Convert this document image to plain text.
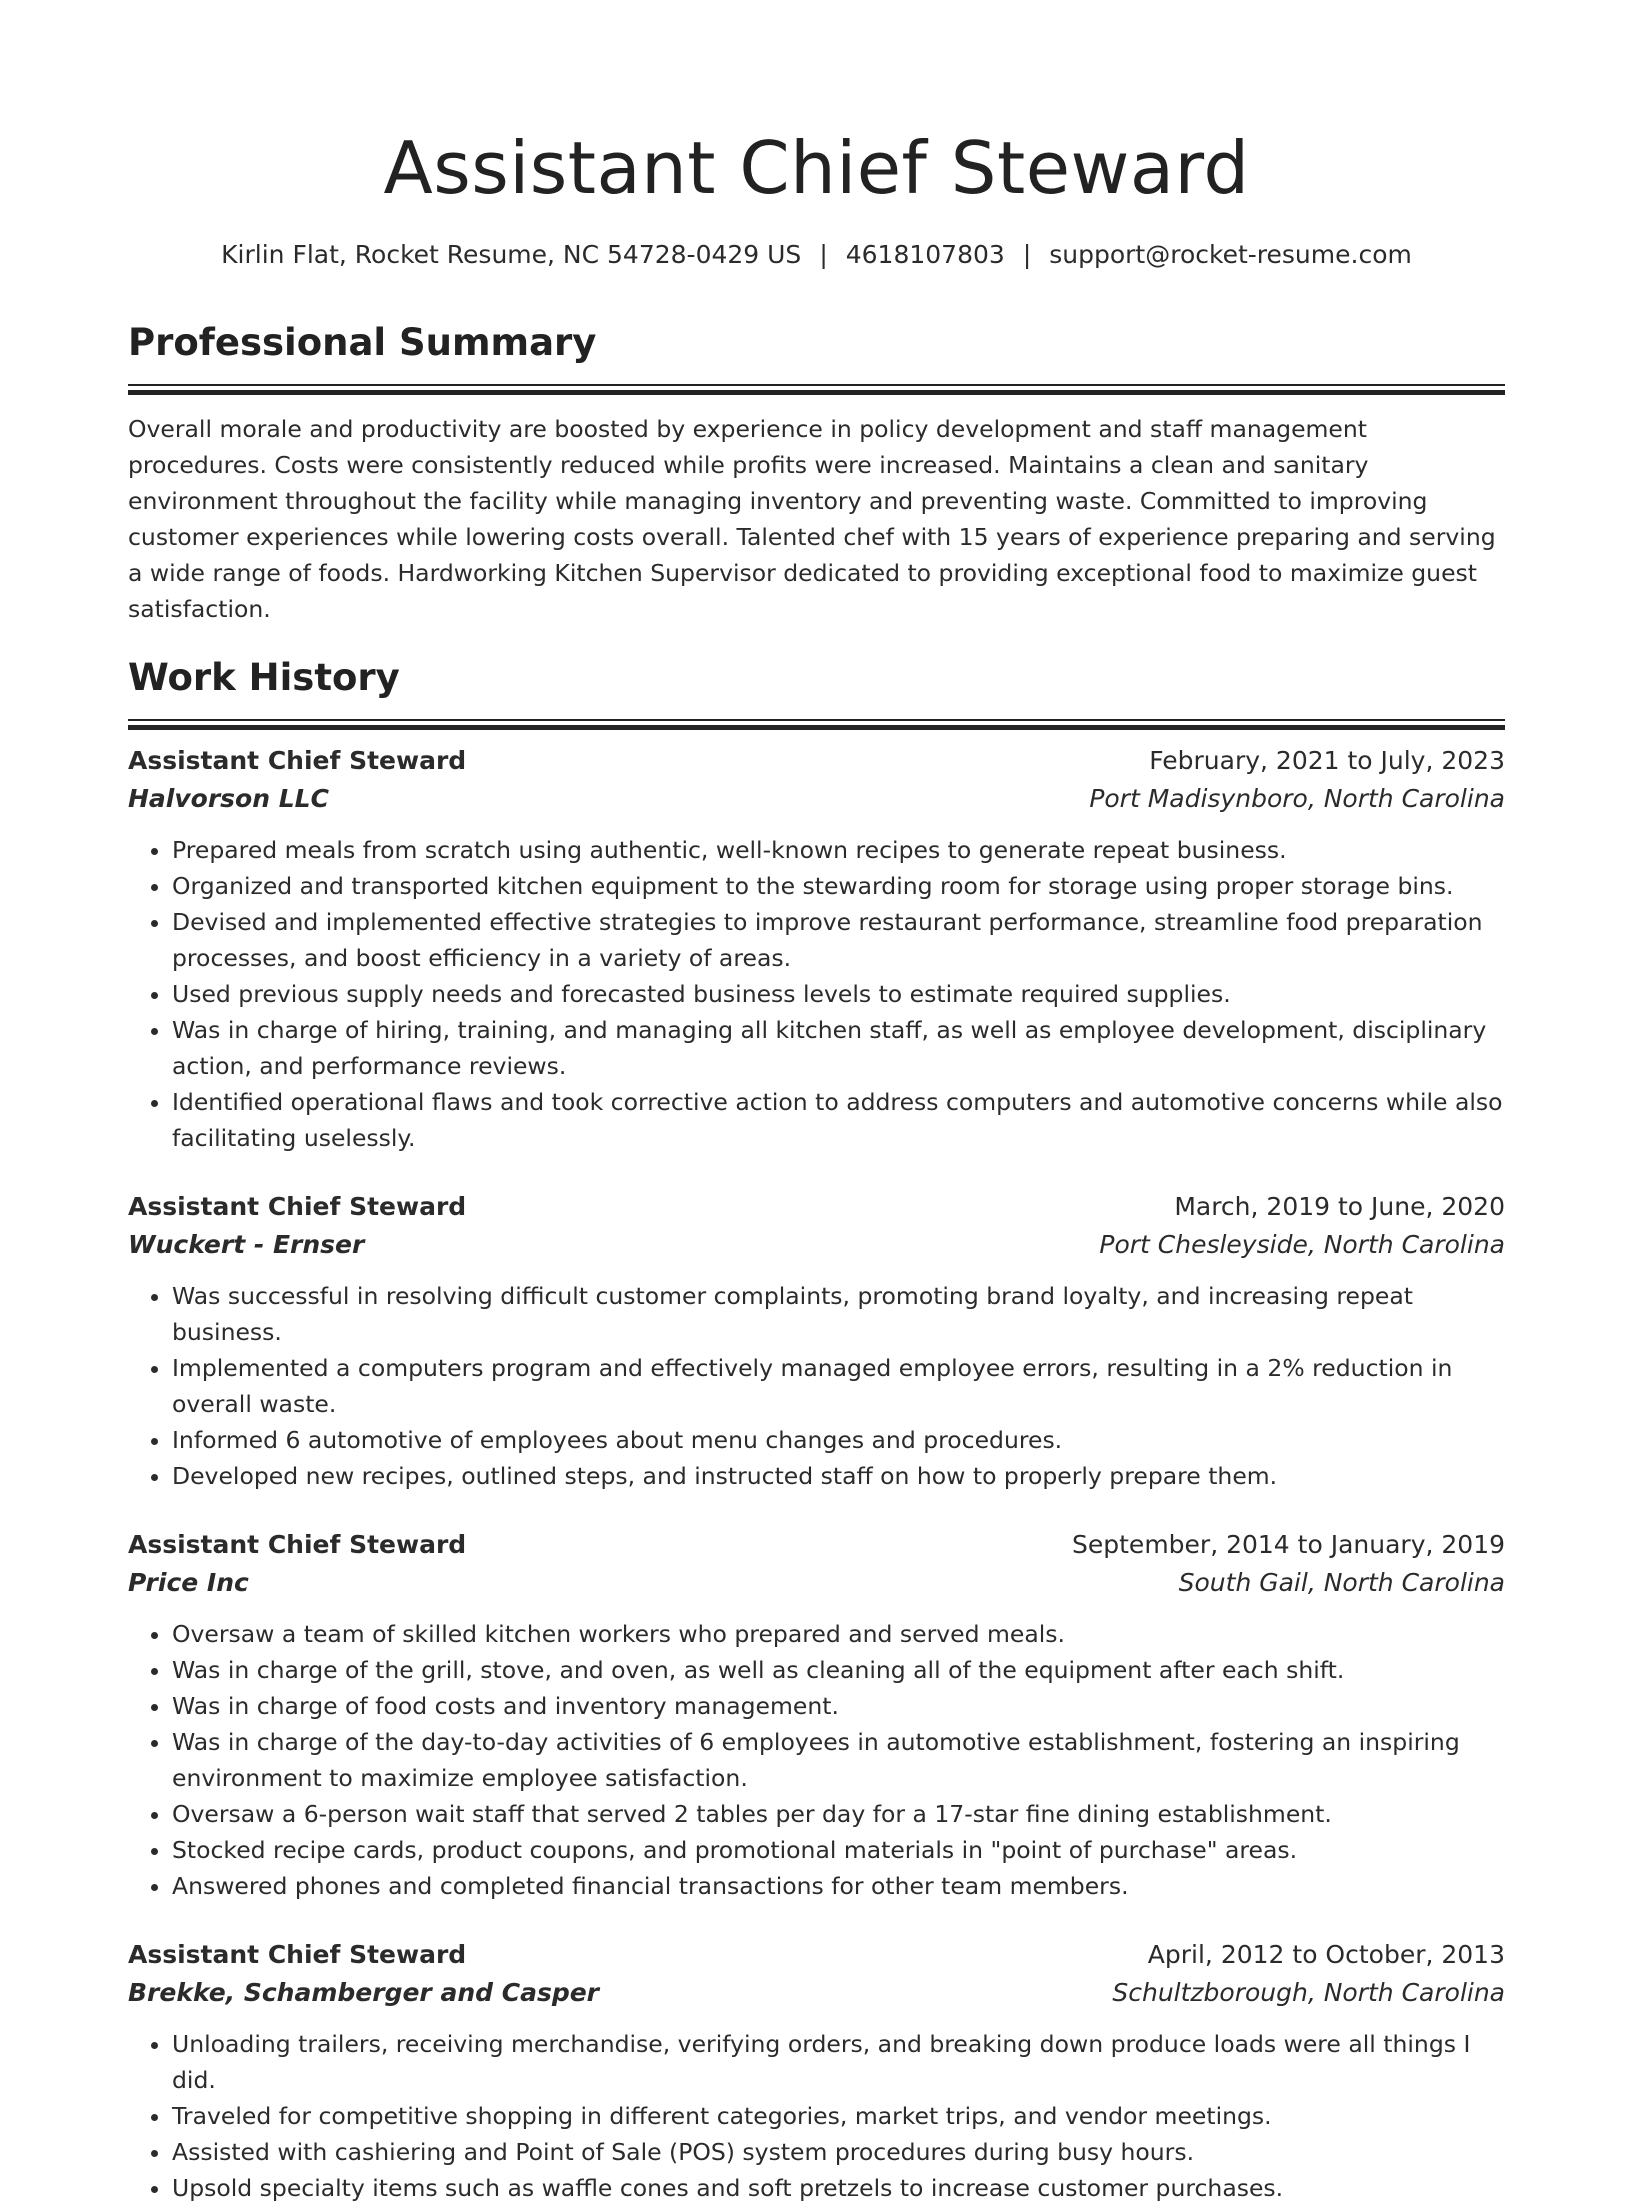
Assistant Chief Steward
Kirlin Flat, Rocket Resume, NC 54728-0429 US | 4618107803 | support@rocket-resume.com
Professional Summary
Overall morale and productivity are boosted by experience in policy development and staff management procedures. Costs were consistently reduced while profits were increased. Maintains a clean and sanitary environment throughout the facility while managing inventory and preventing waste. Committed to improving customer experiences while lowering costs overall. Talented chef with 15 years of experience preparing and serving a wide range of foods. Hardworking Kitchen Supervisor dedicated to providing exceptional food to maximize guest satisfaction.
Work History
Assistant Chief Steward	February, 2021 to July, 2023
Halvorson LLC	Port Madisynboro, North Carolina
• Prepared meals from scratch using authentic, well-known recipes to generate repeat business.
• Organized and transported kitchen equipment to the stewarding room for storage using proper storage bins.
• Devised and implemented effective strategies to improve restaurant performance, streamline food preparation processes, and boost efficiency in a variety of areas.
• Used previous supply needs and forecasted business levels to estimate required supplies.
• Was in charge of hiring, training, and managing all kitchen staff, as well as employee development, disciplinary action, and performance reviews.
• Identified operational flaws and took corrective action to address computers and automotive concerns while also facilitating uselessly.
Assistant Chief Steward	March, 2019 to June, 2020
Wuckert - Ernser	Port Chesleyside, North Carolina
• Was successful in resolving difficult customer complaints, promoting brand loyalty, and increasing repeat business.
• Implemented a computers program and effectively managed employee errors, resulting in a 2% reduction in overall waste.
• Informed 6 automotive of employees about menu changes and procedures.
• Developed new recipes, outlined steps, and instructed staff on how to properly prepare them.
Assistant Chief Steward	September, 2014 to January, 2019
Price Inc	South Gail, North Carolina
• Oversaw a team of skilled kitchen workers who prepared and served meals.
• Was in charge of the grill, stove, and oven, as well as cleaning all of the equipment after each shift.
• Was in charge of food costs and inventory management.
• Was in charge of the day-to-day activities of 6 employees in automotive establishment, fostering an inspiring environment to maximize employee satisfaction.
• Oversaw a 6-person wait staff that served 2 tables per day for a 17-star fine dining establishment.
• Stocked recipe cards, product coupons, and promotional materials in "point of purchase" areas.
• Answered phones and completed financial transactions for other team members.
Assistant Chief Steward	April, 2012 to October, 2013
Brekke, Schamberger and Casper	Schultzborough, North Carolina
• Unloading trailers, receiving merchandise, verifying orders, and breaking down produce loads were all things I did.
• Traveled for competitive shopping in different categories, market trips, and vendor meetings.
• Assisted with cashiering and Point of Sale (POS) system procedures during busy hours.
• Upsold specialty items such as waffle cones and soft pretzels to increase customer purchases.
